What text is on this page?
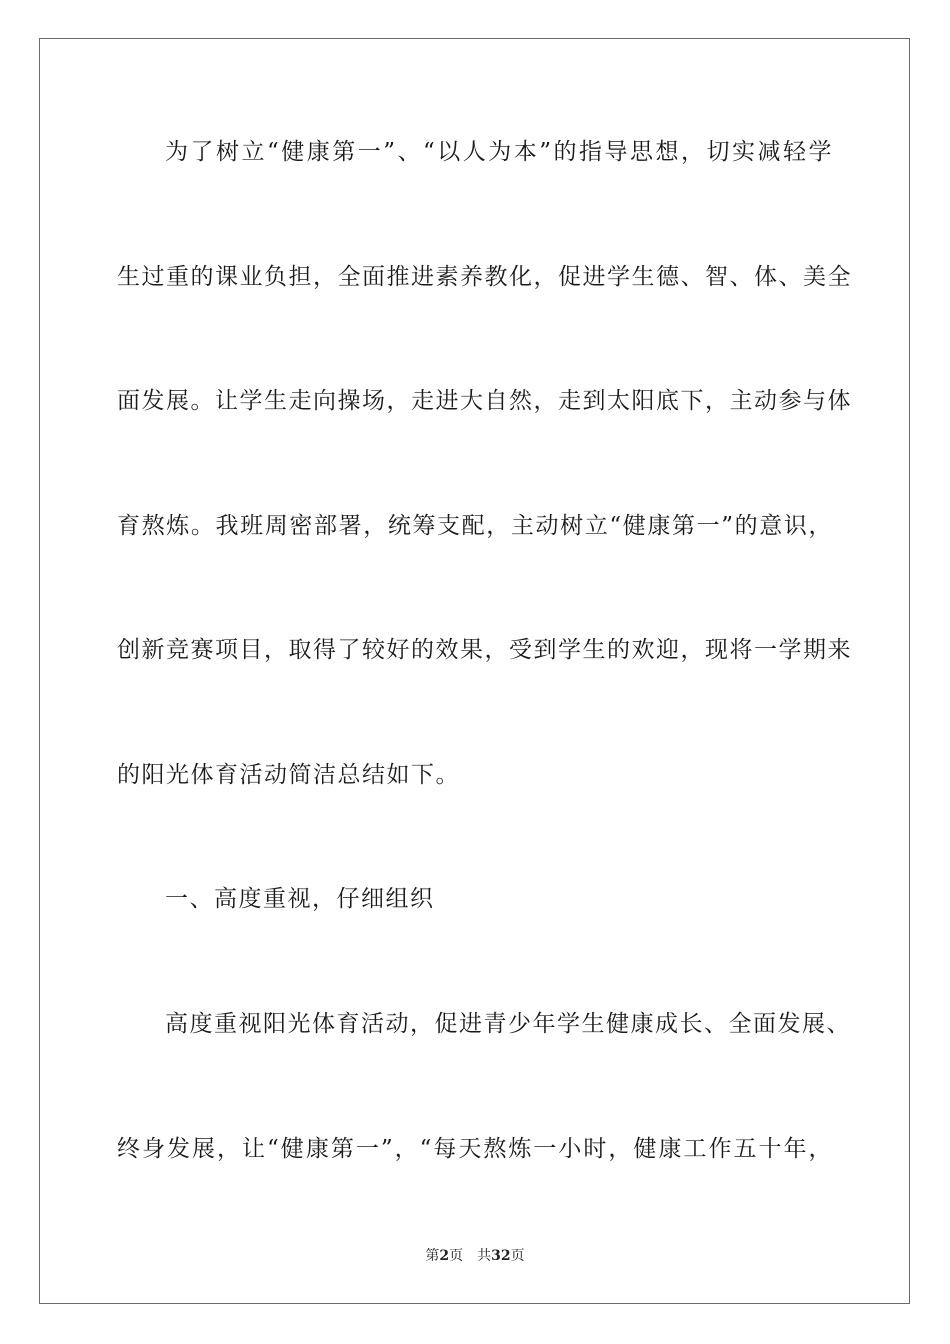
为了树立“健康第一”、“以人为本”的指导思想，切实减轻学
生过重的课业负担，全面推进素养教化，促进学生德、智、体、美全
面发展。让学生走向操场，走进大自然，走到太阳底下，主动参与体
育熬炼。我班周密部署，统筹支配，主动树立“健康第一”的意识，
创新竞赛项目，取得了较好的效果，受到学生的欢迎，现将一学期来
的阳光体育活动简洁总结如下。
一、高度重视，仔细组织
高度重视阳光体育活动，促进青少年学生健康成长、全面发展、
终身发展，让“健康第一”，“每天熬炼一小时，健康工作五十年，
第2页 共32页
